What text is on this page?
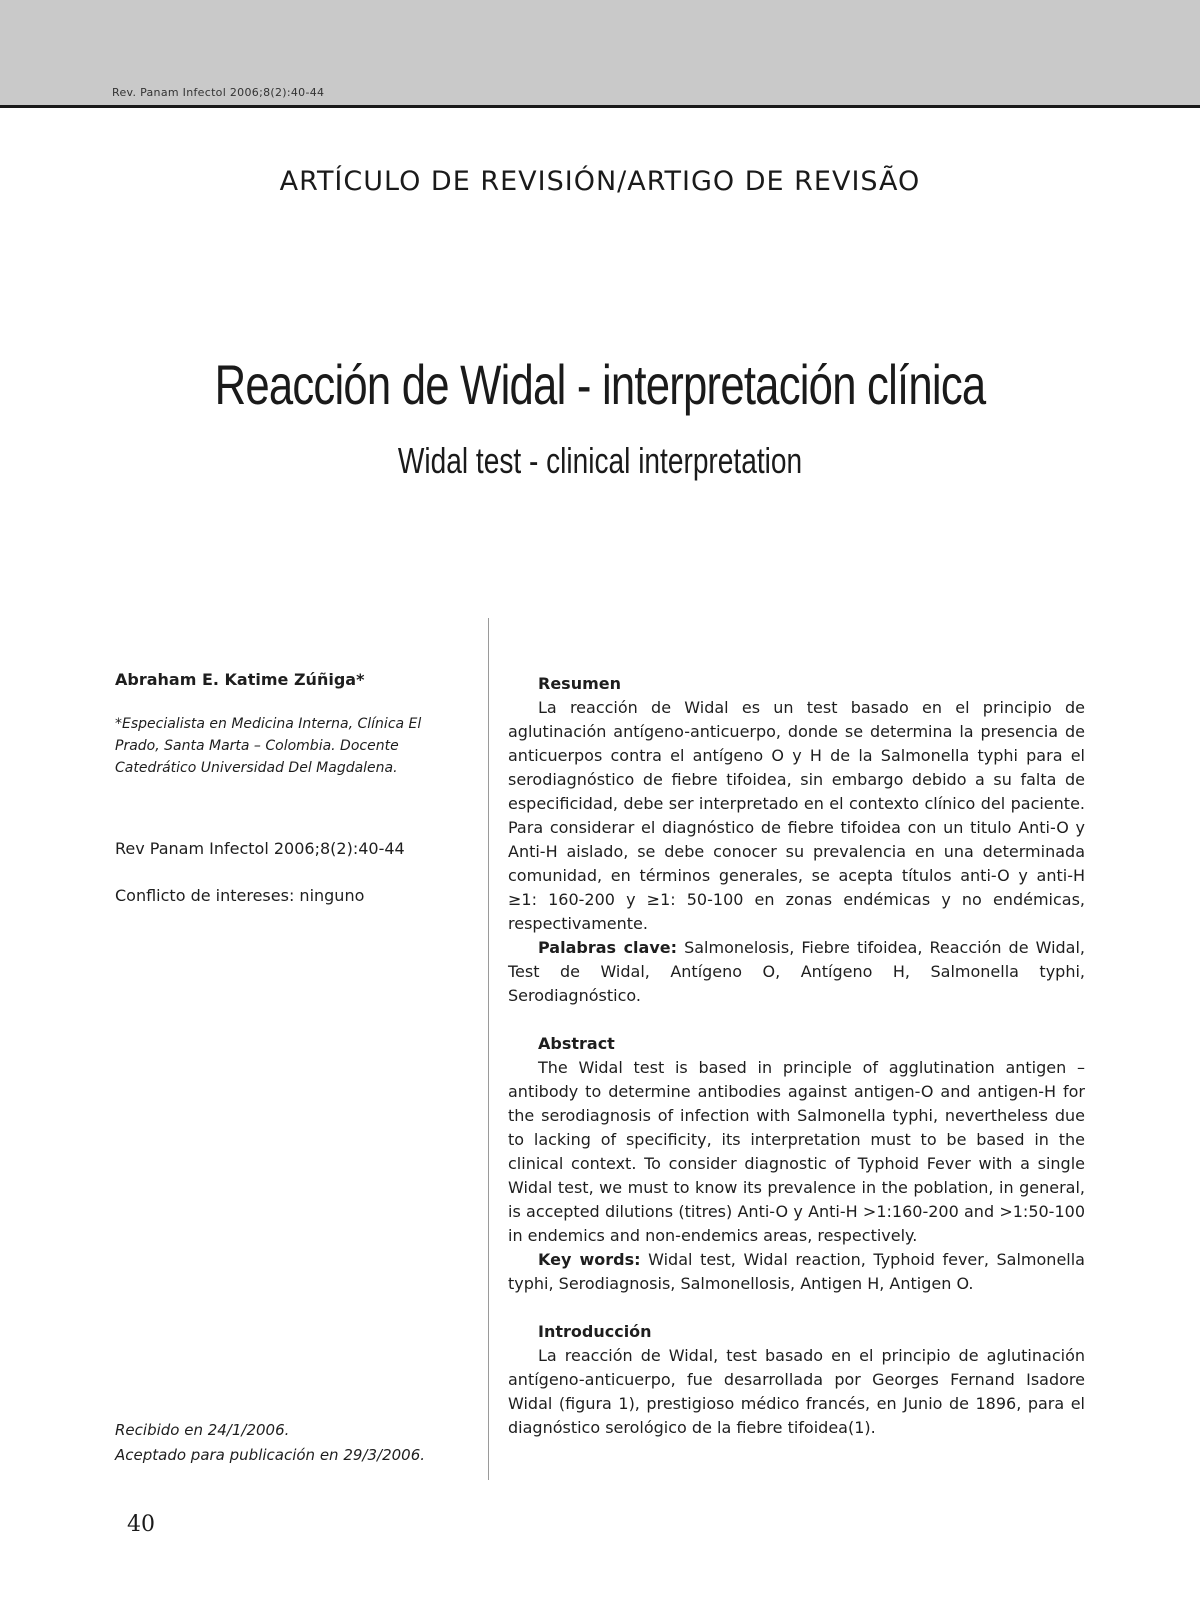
Rev. Panam Infectol 2006;8(2):40-44
ARTÍCULO DE REVISIÓN/ARTIGO DE REVISÃO
Reacción de Widal - interpretación clínica
Widal test - clinical interpretation

Abraham E. Katime Zúñiga*

*Especialista en Medicina Interna, Clínica El Prado, Santa Marta – Colombia. Docente Catedrático Universidad Del Magdalena.

Rev Panam Infectol 2006;8(2):40-44

Conflicto de intereses: ninguno

Recibido en 24/1/2006.
Aceptado para publicación en 29/3/2006.
Resumen

La reacción de Widal es un test basado en el principio de aglutinación antígeno-anticuerpo, donde se determina la presencia de anticuerpos contra el antígeno O y H de la Salmonella typhi para el serodiagnóstico de fiebre tifoidea, sin embargo debido a su falta de especificidad, debe ser interpretado en el contexto clínico del paciente. Para considerar el diagnóstico de fiebre tifoidea con un titulo Anti-O y Anti-H aislado, se debe conocer su prevalencia en una determinada comunidad, en términos generales, se acepta títulos anti-O y anti-H ≥1: 160-200 y ≥1: 50-100 en zonas endémicas y no endémicas, respectivamente.

Palabras clave: Salmonelosis, Fiebre tifoidea, Reacción de Widal, Test de Widal, Antígeno O, Antígeno H, Salmonella typhi, Serodiagnóstico.

Abstract

The Widal test is based in principle of agglutination antigen – antibody to determine antibodies against antigen-O and antigen-H for the serodiagnosis of infection with Salmonella typhi, nevertheless due to lacking of specificity, its interpretation must to be based in the clinical context. To consider diagnostic of Typhoid Fever with a single Widal test, we must to know its prevalence in the poblation, in general, is accepted dilutions (titres) Anti-O y Anti-H >1:160-200 and >1:50-100 in endemics and non-endemics areas, respectively.

Key words: Widal test, Widal reaction, Typhoid fever, Salmonella typhi, Serodiagnosis, Salmonellosis, Antigen H, Antigen O.

Introducción

La reacción de Widal, test basado en el principio de aglutinación antígeno-anticuerpo, fue desarrollada por Georges Fernand Isadore Widal (figura 1), prestigioso médico francés, en Junio de 1896, para el diagnóstico serológico de la fiebre tifoidea(1).

40
